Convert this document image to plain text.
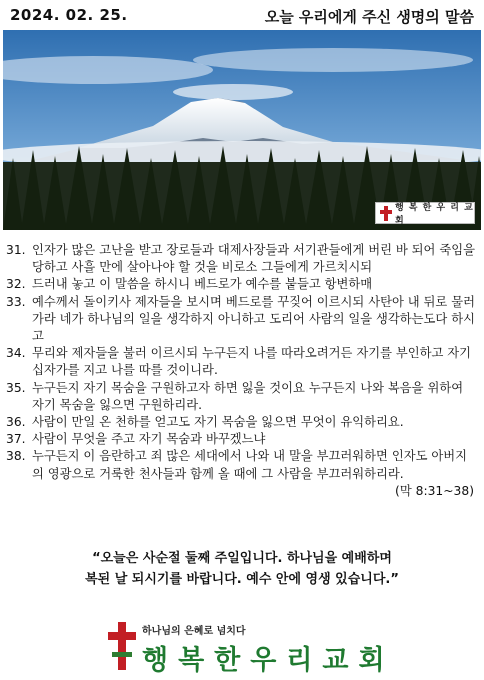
2024. 02. 25.	오늘 우리에게 주신 생명의 말씀
행 복 한 우 리 교 회
31. 인자가 많은 고난을 받고 장로들과 대제사장들과 서기관들에게 버린 바 되어 죽임을 당하고 사흘 만에 살아나야 할 것을 비로소 그들에게 가르치시되
32. 드러내 놓고 이 말씀을 하시니 베드로가 예수를 붙들고 항변하매
33. 예수께서 돌이키사 제자들을 보시며 베드로를 꾸짖어 이르시되 사탄아 내 뒤로 물러가라 네가 하나님의 일을 생각하지 아니하고 도리어 사람의 일을 생각하는도다 하시고
34. 무리와 제자들을 불러 이르시되 누구든지 나를 따라오려거든 자기를 부인하고 자기 십자가를 지고 나를 따를 것이니라.
35. 누구든지 자기 목숨을 구원하고자 하면 잃을 것이요 누구든지 나와 복음을 위하여 자기 목숨을 잃으면 구원하리라.
36. 사람이 만일 온 천하를 얻고도 자기 목숨을 잃으면 무엇이 유익하리요.
37. 사람이 무엇을 주고 자기 목숨과 바꾸겠느냐
38. 누구든지 이 음란하고 죄 많은 세대에서 나와 내 말을 부끄러워하면 인자도 아버지의 영광으로 거룩한 천사들과 함께 올 때에 그 사람을 부끄러워하리라.
(막 8:31~38)
“오늘은 사순절 둘째 주일입니다. 하나님을 예배하며
복된 날 되시기를 바랍니다. 예수 안에 영생 있습니다.”
하나님의 은혜로 넘치다
행복한우리교회
